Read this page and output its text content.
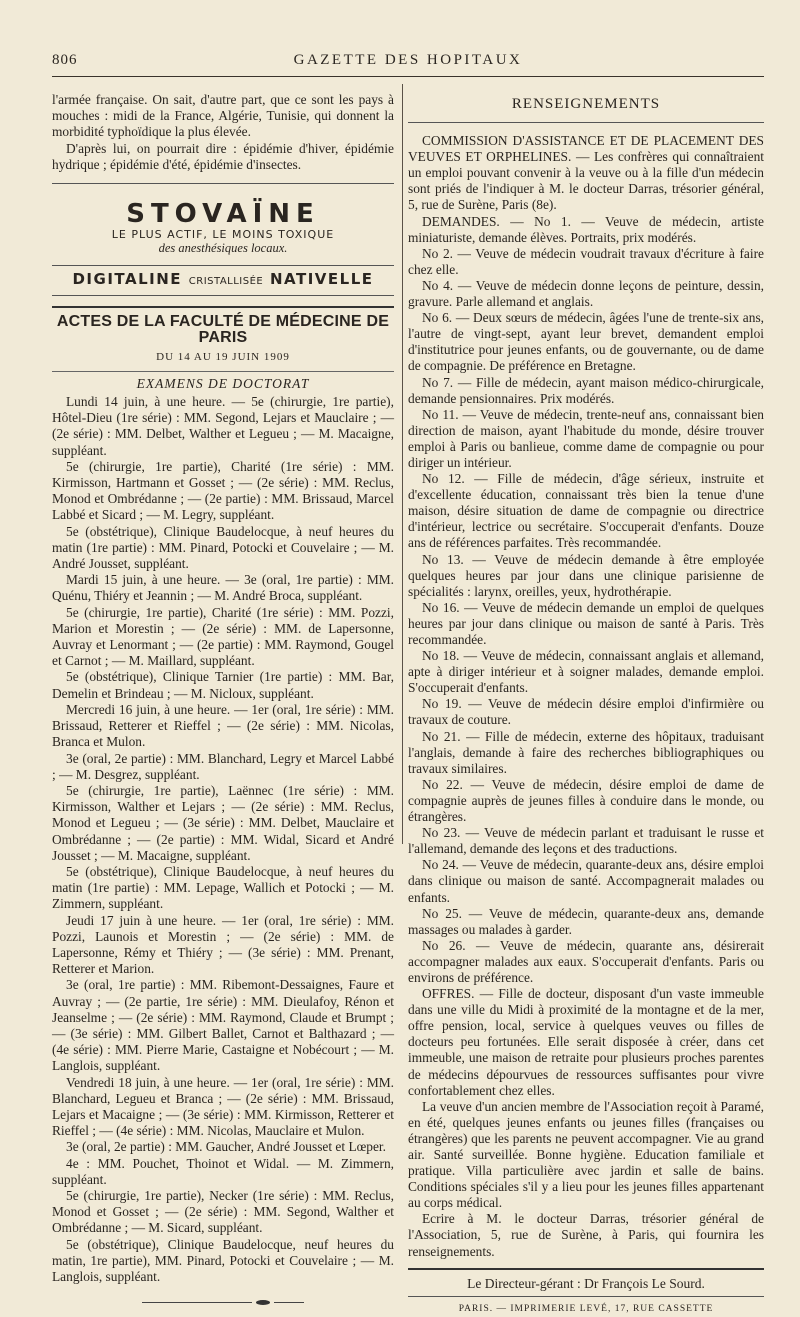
806	GAZETTE DES HOPITAUX

l'armée française. On sait, d'autre part, que ce sont les pays à mouches : midi de la France, Algérie, Tunisie, qui donnent la morbidité typhoïdique la plus élevée.

D'après lui, on pourrait dire : épidémie d'hiver, épidémie hydrique ; épidémie d'été, épidémie d'insectes.

STOVAÏNE
LE PLUS ACTIF, LE MOINS TOXIQUE
des anesthésiques locaux.
DIGITALINE CRISTALLISÉE NATIVELLE
ACTES DE LA FACULTÉ DE MÉDECINE DE PARIS
DU 14 AU 19 JUIN 1909
EXAMENS DE DOCTORAT

Lundi 14 juin, à une heure. — 5e (chirurgie, 1re partie), Hôtel-Dieu (1re série) : MM. Segond, Lejars et Mauclaire ; — (2e série) : MM. Delbet, Walther et Legueu ; — M. Macaigne, suppléant.

5e (chirurgie, 1re partie), Charité (1re série) : MM. Kirmisson, Hartmann et Gosset ; — (2e série) : MM. Reclus, Monod et Ombrédanne ; — (2e partie) : MM. Brissaud, Marcel Labbé et Sicard ; — M. Legry, suppléant.

5e (obstétrique), Clinique Baudelocque, à neuf heures du matin (1re partie) : MM. Pinard, Potocki et Couvelaire ; — M. André Jousset, suppléant.

Mardi 15 juin, à une heure. — 3e (oral, 1re partie) : MM. Quénu, Thiéry et Jeannin ; — M. André Broca, suppléant.

5e (chirurgie, 1re partie), Charité (1re série) : MM. Pozzi, Marion et Morestin ; — (2e série) : MM. de Lapersonne, Auvray et Lenormant ; — (2e partie) : MM. Raymond, Gougel et Carnot ; — M. Maillard, suppléant.

5e (obstétrique), Clinique Tarnier (1re partie) : MM. Bar, Demelin et Brindeau ; — M. Nicloux, suppléant.

Mercredi 16 juin, à une heure. — 1er (oral, 1re série) : MM. Brissaud, Retterer et Rieffel ; — (2e série) : MM. Nicolas, Branca et Mulon.

3e (oral, 2e partie) : MM. Blanchard, Legry et Marcel Labbé ; — M. Desgrez, suppléant.

5e (chirurgie, 1re partie), Laënnec (1re série) : MM. Kirmisson, Walther et Lejars ; — (2e série) : MM. Reclus, Monod et Legueu ; — (3e série) : MM. Delbet, Mauclaire et Ombrédanne ; — (2e partie) : MM. Widal, Sicard et André Jousset ; — M. Macaigne, suppléant.

5e (obstétrique), Clinique Baudelocque, à neuf heures du matin (1re partie) : MM. Lepage, Wallich et Potocki ; — M. Zimmern, suppléant.

Jeudi 17 juin à une heure. — 1er (oral, 1re série) : MM. Pozzi, Launois et Morestin ; — (2e série) : MM. de Lapersonne, Rémy et Thiéry ; — (3e série) : MM. Prenant, Retterer et Marion.

3e (oral, 1re partie) : MM. Ribemont-Dessaignes, Faure et Auvray ; — (2e partie, 1re série) : MM. Dieulafoy, Rénon et Jeanselme ; — (2e série) : MM. Raymond, Claude et Brumpt ; — (3e série) : MM. Gilbert Ballet, Carnot et Balthazard ; — (4e série) : MM. Pierre Marie, Castaigne et Nobécourt ; — M. Langlois, suppléant.

Vendredi 18 juin, à une heure. — 1er (oral, 1re série) : MM. Blanchard, Legueu et Branca ; — (2e série) : MM. Brissaud, Lejars et Macaigne ; — (3e série) : MM. Kirmisson, Retterer et Rieffel ; — (4e série) : MM. Nicolas, Mauclaire et Mulon.

3e (oral, 2e partie) : MM. Gaucher, André Jousset et Lœper.

4e : MM. Pouchet, Thoinot et Widal. — M. Zimmern, suppléant.

5e (chirurgie, 1re partie), Necker (1re série) : MM. Reclus, Monod et Gosset ; — (2e série) : MM. Segond, Walther et Ombrédanne ; — M. Sicard, suppléant.

5e (obstétrique), Clinique Baudelocque, neuf heures du matin, 1re partie), MM. Pinard, Potocki et Couvelaire ; — M. Langlois, suppléant.

RENSEIGNEMENTS

COMMISSION D'ASSISTANCE ET DE PLACEMENT DES VEUVES ET ORPHELINES. — Les confrères qui connaîtraient un emploi pouvant convenir à la veuve ou à la fille d'un médecin sont priés de l'indiquer à M. le docteur Darras, trésorier général, 5, rue de Surène, Paris (8e).

DEMANDES. — No 1. — Veuve de médecin, artiste miniaturiste, demande élèves. Portraits, prix modérés.

No 2. — Veuve de médecin voudrait travaux d'écriture à faire chez elle.

No 4. — Veuve de médecin donne leçons de peinture, dessin, gravure. Parle allemand et anglais.

No 6. — Deux sœurs de médecin, âgées l'une de trente-six ans, l'autre de vingt-sept, ayant leur brevet, demandent emploi d'institutrice pour jeunes enfants, ou de gouvernante, ou de dame de compagnie. De préférence en Bretagne.

No 7. — Fille de médecin, ayant maison médico-chirurgicale, demande pensionnaires. Prix modérés.

No 11. — Veuve de médecin, trente-neuf ans, connaissant bien direction de maison, ayant l'habitude du monde, désire trouver emploi à Paris ou banlieue, comme dame de compagnie ou pour diriger un intérieur.

No 12. — Fille de médecin, d'âge sérieux, instruite et d'excellente éducation, connaissant très bien la tenue d'une maison, désire situation de dame de compagnie ou directrice d'intérieur, lectrice ou secrétaire. S'occuperait d'enfants. Douze ans de références parfaites. Très recommandée.

No 13. — Veuve de médecin demande à être employée quelques heures par jour dans une clinique parisienne de spécialités : larynx, oreilles, yeux, hydrothérapie.

No 16. — Veuve de médecin demande un emploi de quelques heures par jour dans clinique ou maison de santé à Paris. Très recommandée.

No 18. — Veuve de médecin, connaissant anglais et allemand, apte à diriger intérieur et à soigner malades, demande emploi. S'occuperait d'enfants.

No 19. — Veuve de médecin désire emploi d'infirmière ou travaux de couture.

No 21. — Fille de médecin, externe des hôpitaux, traduisant l'anglais, demande à faire des recherches bibliographiques ou travaux similaires.

No 22. — Veuve de médecin, désire emploi de dame de compagnie auprès de jeunes filles à conduire dans le monde, ou étrangères.

No 23. — Veuve de médecin parlant et traduisant le russe et l'allemand, demande des leçons et des traductions.

No 24. — Veuve de médecin, quarante-deux ans, désire emploi dans clinique ou maison de santé. Accompagnerait malades ou enfants.

No 25. — Veuve de médecin, quarante-deux ans, demande massages ou malades à garder.

No 26. — Veuve de médecin, quarante ans, désirerait accompagner malades aux eaux. S'occuperait d'enfants. Paris ou environs de préférence.

OFFRES. — Fille de docteur, disposant d'un vaste immeuble dans une ville du Midi à proximité de la montagne et de la mer, offre pension, local, service à quelques veuves ou filles de docteurs peu fortunées. Elle serait disposée à créer, dans cet immeuble, une maison de retraite pour plusieurs proches parentes de médecins dépourvues de ressources suffisantes pour vivre confortablement chez elles.

La veuve d'un ancien membre de l'Association reçoit à Paramé, en été, quelques jeunes enfants ou jeunes filles (françaises ou étrangères) que les parents ne peuvent accompagner. Vie au grand air. Santé surveillée. Bonne hygiène. Education familiale et pratique. Villa particulière avec jardin et salle de bains. Conditions spéciales s'il y a lieu pour les jeunes filles appartenant au corps médical.

Ecrire à M. le docteur Darras, trésorier général de l'Association, 5, rue de Surène, à Paris, qui fournira les renseignements.

Le Directeur-gérant : Dr François Le Sourd.
PARIS. — IMPRIMERIE LEVÉ, 17, RUE CASSETTE
